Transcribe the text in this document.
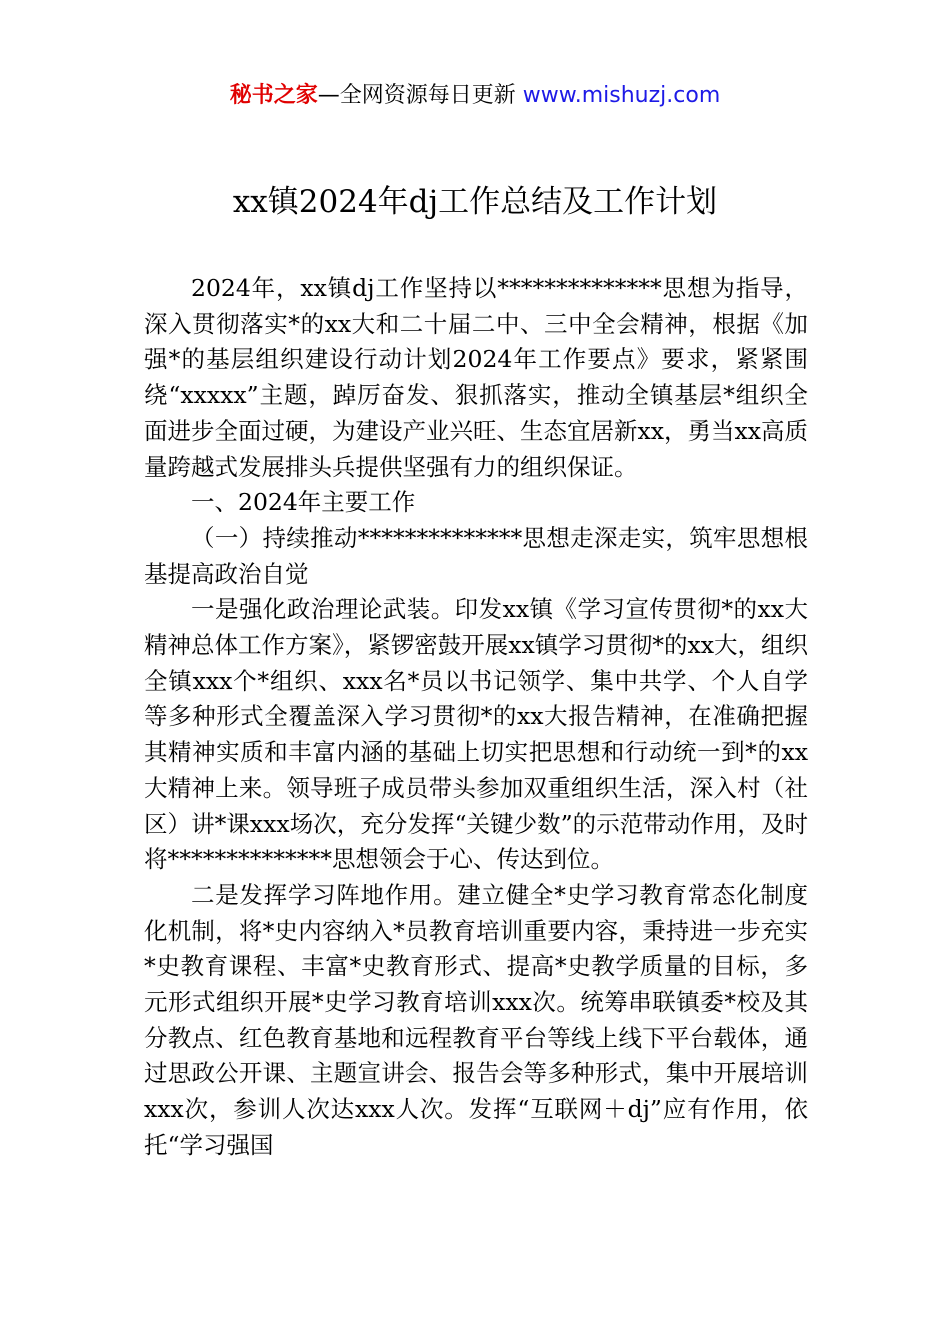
秘书之家—全网资源每日更新 www.mishuzj.com
xx镇2024年dj工作总结及工作计划

2024年，xx镇dj工作坚持以**************思想为指导，深入贯彻落实*的xx大和二十届二中、三中全会精神，根据《加强*的基层组织建设行动计划2024年工作要点》要求，紧紧围绕“xxxxx”主题，踔厉奋发、狠抓落实，推动全镇基层*组织全面进步全面过硬，为建设产业兴旺、生态宜居新xx，勇当xx高质量跨越式发展排头兵提供坚强有力的组织保证。

一、2024年主要工作

（一）持续推动**************思想走深走实，筑牢思想根基提高政治自觉

一是强化政治理论武装。印发xx镇《学习宣传贯彻*的xx大精神总体工作方案》，紧锣密鼓开展xx镇学习贯彻*的xx大，组织全镇xxx个*组织、xxx名*员以书记领学、集中共学、个人自学等多种形式全覆盖深入学习贯彻*的xx大报告精神，在准确把握其精神实质和丰富内涵的基础上切实把思想和行动统一到*的xx大精神上来。领导班子成员带头参加双重组织生活，深入村（社区）讲*课xxx场次，充分发挥“关键少数”的示范带动作用，及时将**************思想领会于心、传达到位。

二是发挥学习阵地作用。建立健全*史学习教育常态化制度化机制，将*史内容纳入*员教育培训重要内容，秉持进一步充实*史教育课程、丰富*史教育形式、提高*史教学质量的目标，多元形式组织开展*史学习教育培训xxx次。统筹串联镇委*校及其分教点、红色教育基地和远程教育平台等线上线下平台载体，通过思政公开课、主题宣讲会、报告会等多种形式，集中开展培训xxx次，参训人次达xxx人次。发挥“互联网＋dj”应有作用，依托“学习强国
